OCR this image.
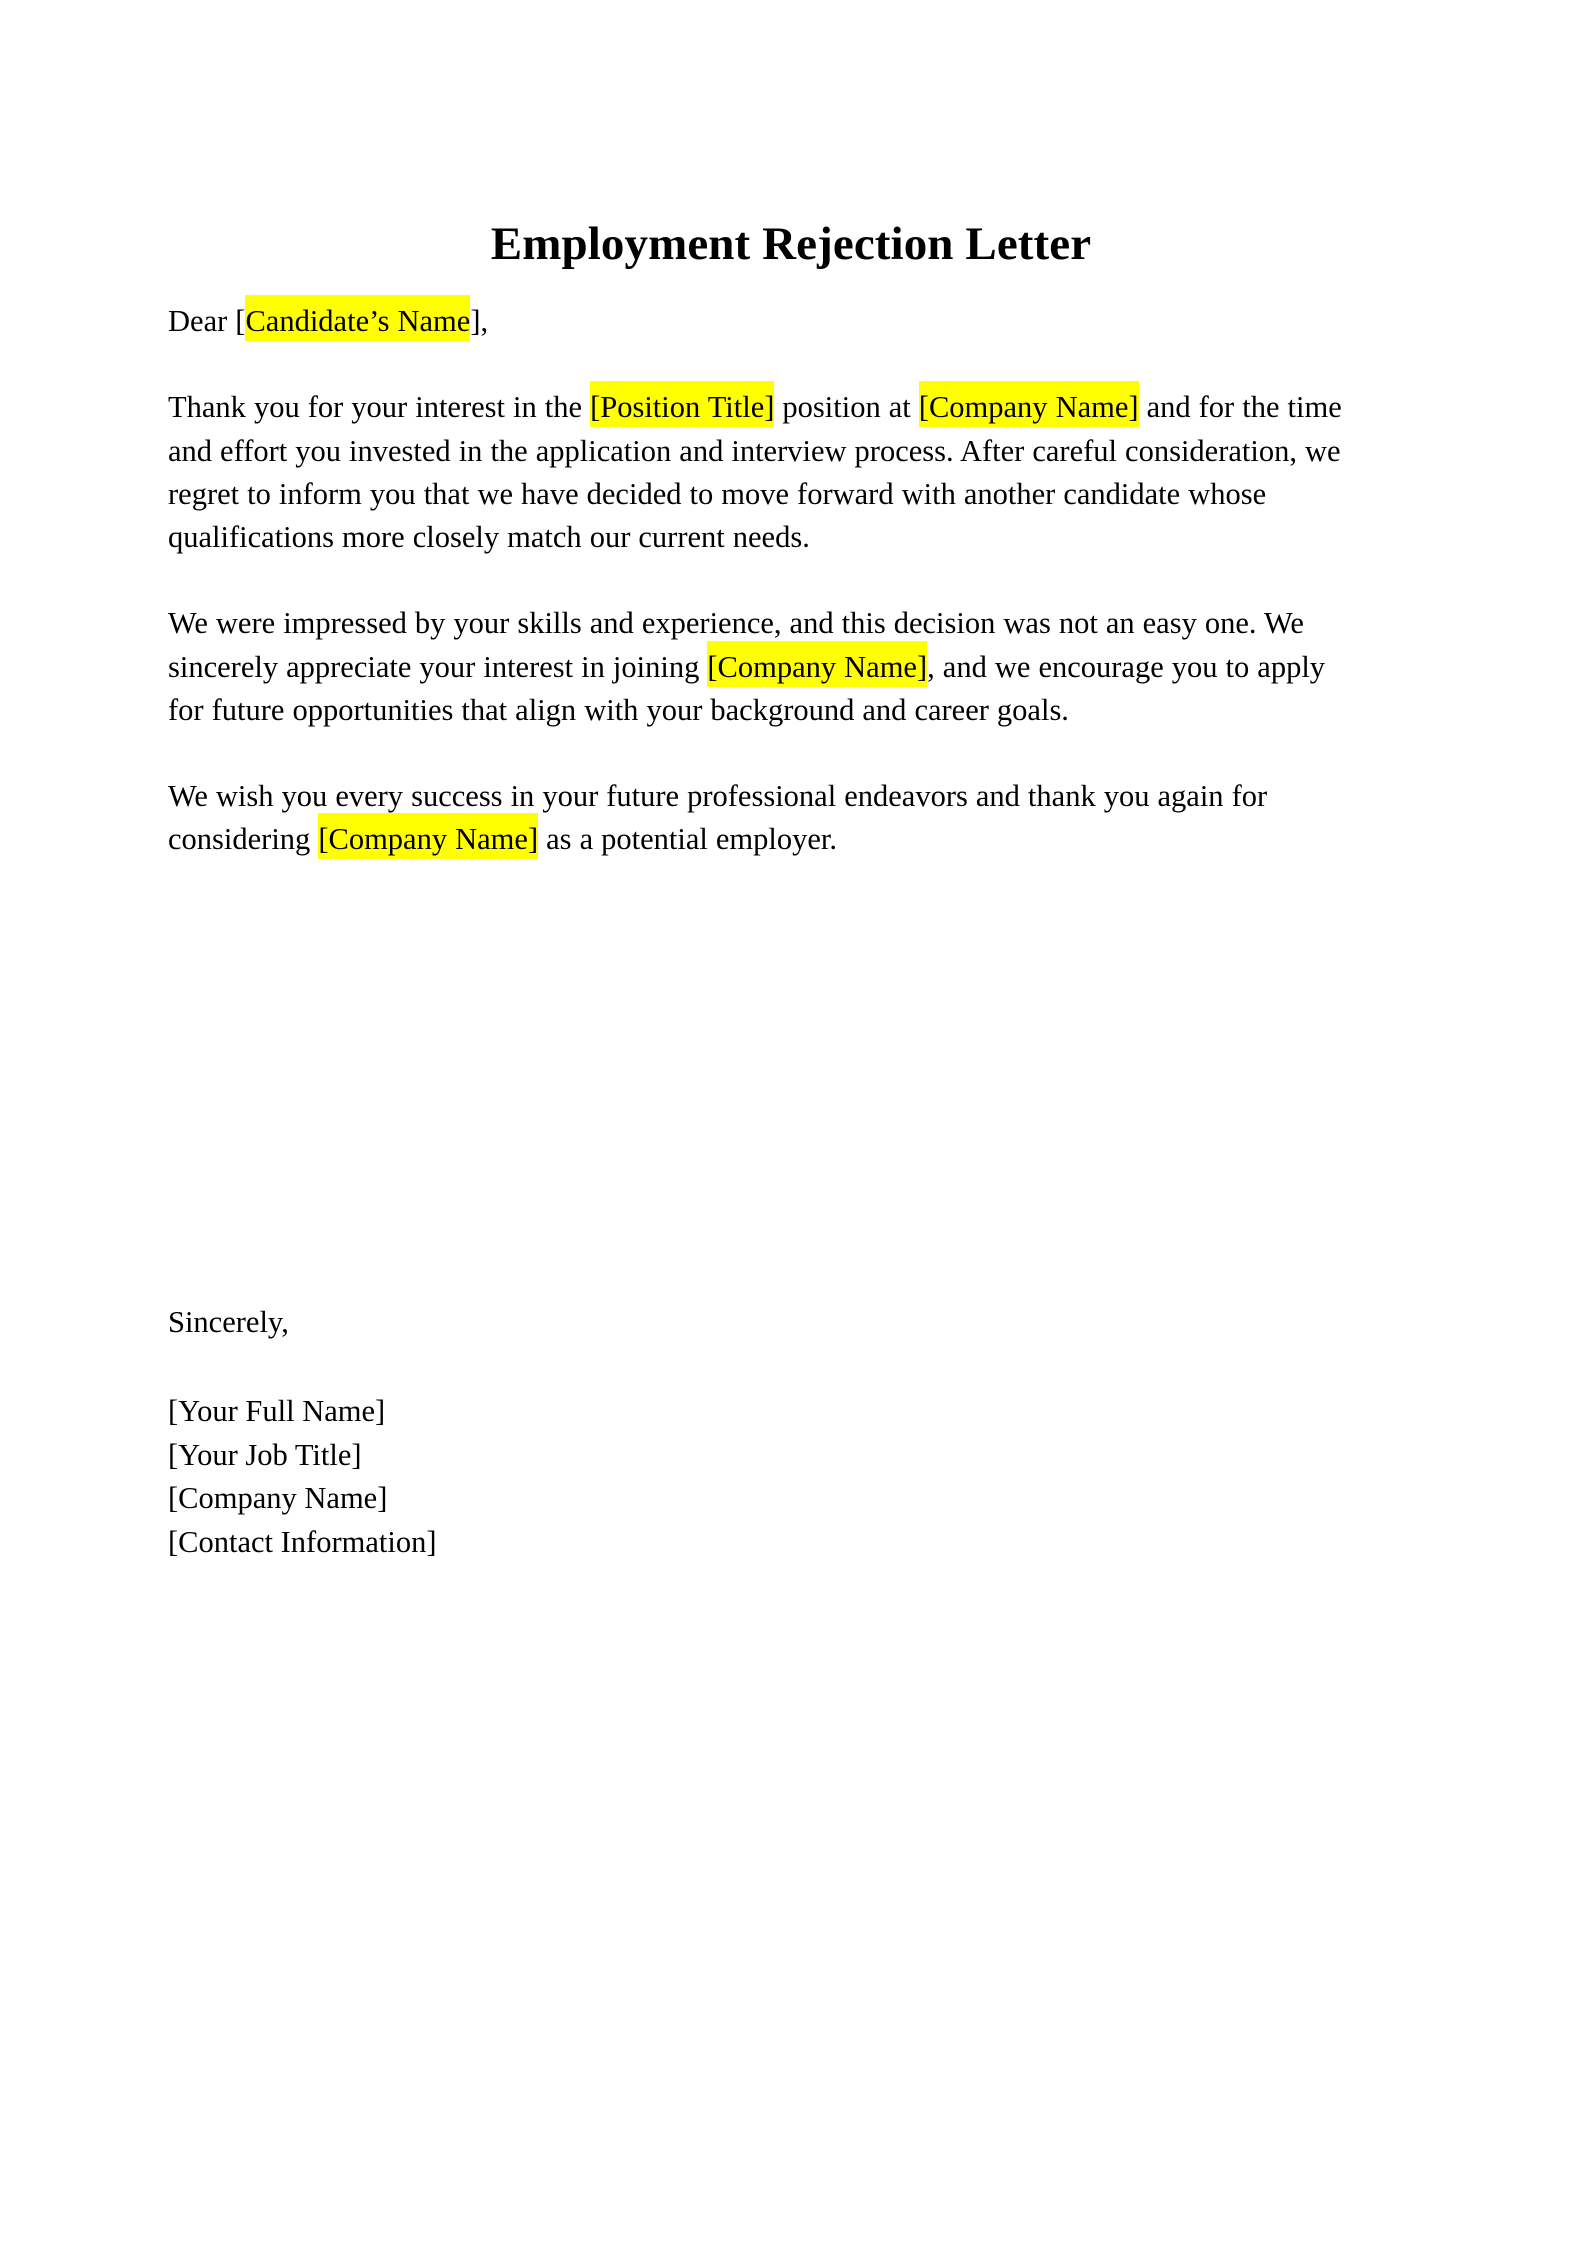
Employment Rejection Letter

Dear [Candidate’s Name],

Thank you for your interest in the [Position Title] position at [Company Name] and for the time and effort you invested in the application and interview process. After careful consideration, we regret to inform you that we have decided to move forward with another candidate whose qualifications more closely match our current needs.

We were impressed by your skills and experience, and this decision was not an easy one. We sincerely appreciate your interest in joining [Company Name], and we encourage you to apply for future opportunities that align with your background and career goals.

We wish you every success in your future professional endeavors and thank you again for considering [Company Name] as a potential employer.

Sincerely,

[Your Full Name]

[Your Job Title]

[Company Name]

[Contact Information]
